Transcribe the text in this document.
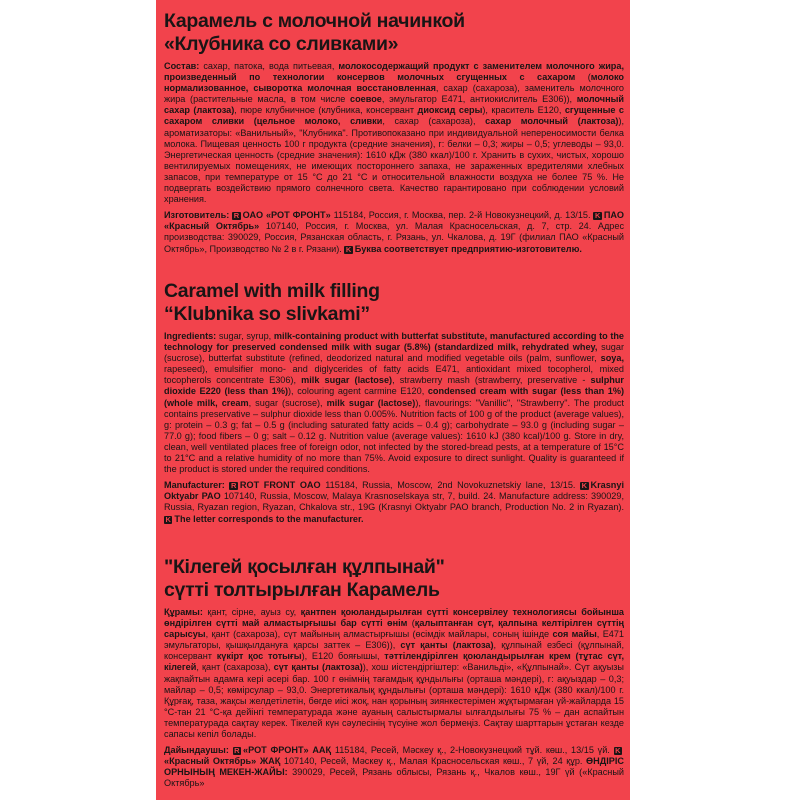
Карамель с молочной начинкой
«Клубника со сливками»

Состав: сахар, патока, вода питьевая, молокосодержащий продукт с заменителем молочного жира, произведенный по технологии консервов молочных сгущенных с сахаром (молоко нормализованное, сыворотка молочная восстановленная, сахар (сахароза), заменитель молочного жира (растительные масла, в том числе соевое, эмульгатор E471, антиокислитель E306)), молочный сахар (лактоза), пюре клубничное (клубника, консервант диоксид серы), краситель E120, сгущенные с сахаром сливки (цельное молоко, сливки, сахар (сахароза), сахар молочный (лактоза)), ароматизаторы: «Ванильный», "Клубника". Противопоказано при индивидуальной непереносимости белка молока. Пищевая ценность 100 г продукта (средние значения), г: белки – 0,3; жиры – 0,5; углеводы – 93,0. Энергетическая ценность (средние значения): 1610 кДж (380 ккал)/100 г. Хранить в сухих, чистых, хорошо вентилируемых помещениях, не имеющих постороннего запаха, не зараженных вредителями хлебных запасов, при температуре от 15 °С до 21 °С и относительной влажности воздуха не более 75 %. Не подвергать воздействию прямого солнечного света. Качество гарантировано при соблюдении условий хранения.

Изготовитель: R ОАО «РОТ ФРОНТ» 115184, Россия, г. Москва, пер. 2-й Новокузнецкий, д. 13/15. K ПАО «Красный Октябрь» 107140, Россия, г. Москва, ул. Малая Красносельская, д. 7, стр. 24. Адрес производства: 390029, Россия, Рязанская область, г. Рязань, ул. Чкалова, д. 19Г (филиал ПАО «Красный Октябрь», Производство № 2 в г. Рязани). K Буква соответствует предприятию-изготовителю.

Caramel with milk filling
“Klubnika so slivkami”

Ingredients: sugar, syrup, milk-containing product with butterfat substitute, manufactured according to the technology for preserved condensed milk with sugar (5.8%) (standardized milk, rehydrated whey, sugar (sucrose), butterfat substitute (refined, deodorized natural and modified vegetable oils (palm, sunflower, soya, rapeseed), emulsifier mono- and diglycerides of fatty acids E471, antioxidant mixed tocopherol, mixed tocopherols concentrate E306), milk sugar (lactose), strawberry mash (strawberry, preservative - sulphur dioxide E220 (less than 1%)), colouring agent carmine E120, condensed cream with sugar (less than 1%) (whole milk, cream, sugar (sucrose), milk sugar (lactose)), flavourings: "Vanillic", "Strawberry". The product contains preservative – sulphur dioxide less than 0.005%. Nutrition facts of 100 g of the product (average values), g: protein – 0.3 g; fat – 0.5 g (including saturated fatty acids – 0.4 g); carbohydrate – 93.0 g (including sugar – 77.0 g); food fibers – 0 g; salt – 0.12 g. Nutrition value (average values): 1610 kJ (380 kcal)/100 g. Store in dry, clean, well ventilated places free of foreign odor, not infected by the stored-bread pests, at a temperature of 15°C to 21°C and a relative humidity of no more than 75%. Avoid exposure to direct sunlight. Quality is guaranteed if the product is stored under the required conditions.

Manufacturer: R ROT FRONT OAO 115184, Russia, Moscow, 2nd Novokuznetskiy lane, 13/15. K Krasnyi Oktyabr PAO 107140, Russia, Moscow, Malaya Krasnoselskaya str, 7, build. 24. Manufacture address: 390029, Russia, Ryazan region, Ryazan, Chkalova str., 19G (Krasnyi Oktyabr PAO branch, Production No. 2 in Ryazan). K The letter corresponds to the manufacturer.

"Кілегей қосылған құлпынай"
сүтті толтырылған Карамель

Құрамы: қант, сірне, ауыз су, қантпен қоюландырылған сүтті консервілеу технологиясы бойынша өндірілген сүтті май алмастырғышы бар сүтті өнім (қалыптанған сүт, қалпына келтірілген сүттің сарысуы, қант (сахароза), сүт майының алмастырғышы (өсімдік майлары, соның ішінде соя майы, E471 эмульгаторы, қышқылдануға қарсы заттек – E306)), сүт қанты (лактоза), құлпынай езбесі (құлпынай, консервант күкірт қос тотығы), E120 бояғышы, тәттілендірілген қоюландырылған крем (тұтас сүт, кілегей, қант (сахароза), сүт қанты (лактоза)), хош иістендіргіштер: «Ванильді», «Құлпынай». Сүт ақуызы жақпайтын адамға кері әсері бар. 100 г өнімнің тағамдық құндылығы (орташа мәндері), г: ақуыздар – 0,3; майлар – 0,5; көмірсулар – 93,0. Энергетикалық құндылығы (орташа мәндері): 1610 кДж (380 ккал)/100 г. Құрғақ, таза, жақсы желдетілетін, бөгде иісі жоқ, нан қорының зиянкестерімен жұқтырмаған үй-жайларда 15 °С-тан 21 °С-қа дейінгі температурада және ауаның салыстырмалы ылғалдылығы 75 % – дан аспайтын температурада сақтау керек. Тікелей күн сәулесінің түсуіне жол бермеңіз. Сақтау шарттарын ұстаған кезде сапасы кепіл болады.

Дайындаушы: R «РОТ ФРОНТ» ААҚ 115184, Ресей, Мәскеу қ., 2-Новокузнецкий тұй. көш., 13/15 үй. K«Красный Октябрь» ЖАҚ 107140, Ресей, Мәскеу қ., Малая Красносельская көш., 7 үй, 24 құр. ӨНДІРІС ОРНЫНЫҢ МЕКЕН-ЖАЙЫ: 390029, Ресей, Рязань облысы, Рязань қ., Чкалов көш., 19Г үй («Красный Октябрь»
